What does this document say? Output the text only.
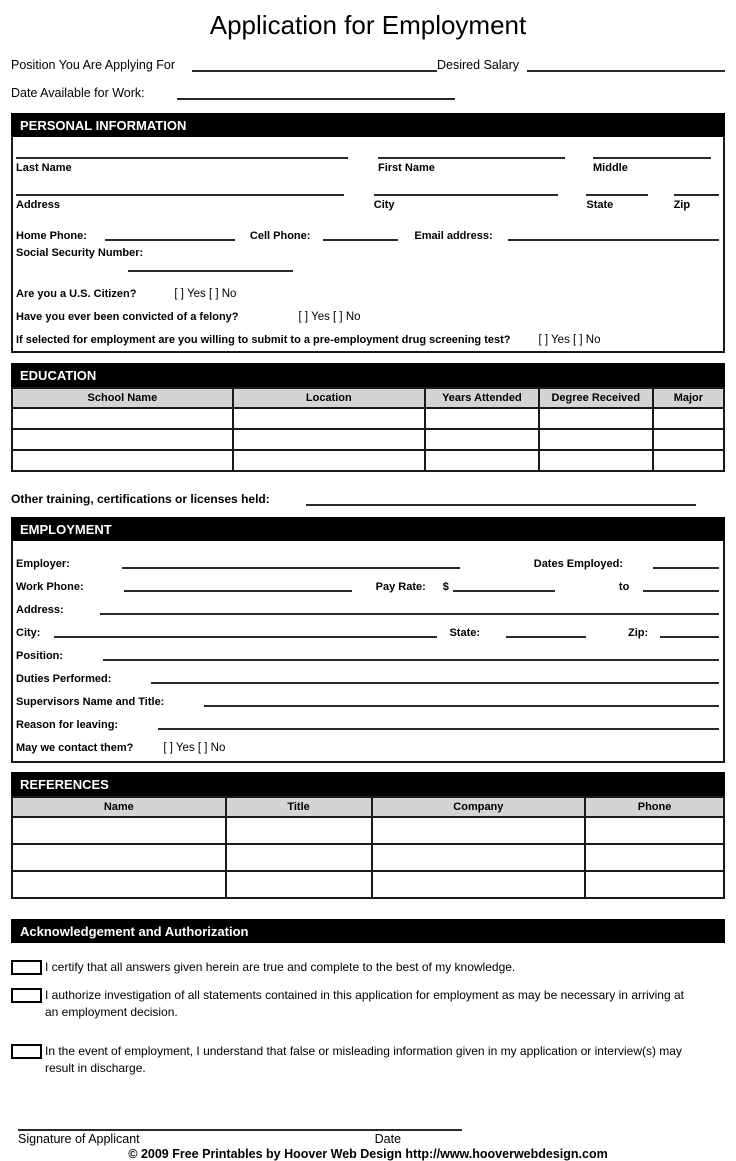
Application for Employment
Position You Are Applying For	Desired Salary
Date Available for Work:
PERSONAL INFORMATION
Last Name	First Name	Middle
Address	City	State	Zip
Home Phone:	Cell Phone:	Email address:
Social Security Number:
Are you a U.S. Citizen?	[ ] Yes [ ] No
Have you ever been convicted of a felony?	[ ] Yes [ ] No
If selected for employment are you willing to submit to a pre-employment drug screening test? [ ] Yes [ ] No
EDUCATION
School Name	Location	Years Attended	Degree Received	Major

Other training, certifications or licenses held:
EMPLOYMENT
Employer:	Dates Employed:
Work Phone:	Pay Rate: $	to
Address:
City:	State:	Zip:
Position:
Duties Performed:
Supervisors Name and Title:
Reason for leaving:
May we contact them?	[ ] Yes [ ] No
REFERENCES
Name	Title	Company	Phone

Acknowledgement and Authorization
I certify that all answers given herein are true and complete to the best of my knowledge.
I authorize investigation of all statements contained in this application for employment as may be necessary in arriving at an employment decision.
In the event of employment, I understand that false or misleading information given in my application or interview(s) may result in discharge.
Signature of Applicant	Date
© 2009 Free Printables by Hoover Web Design http://www.hooverwebdesign.com
